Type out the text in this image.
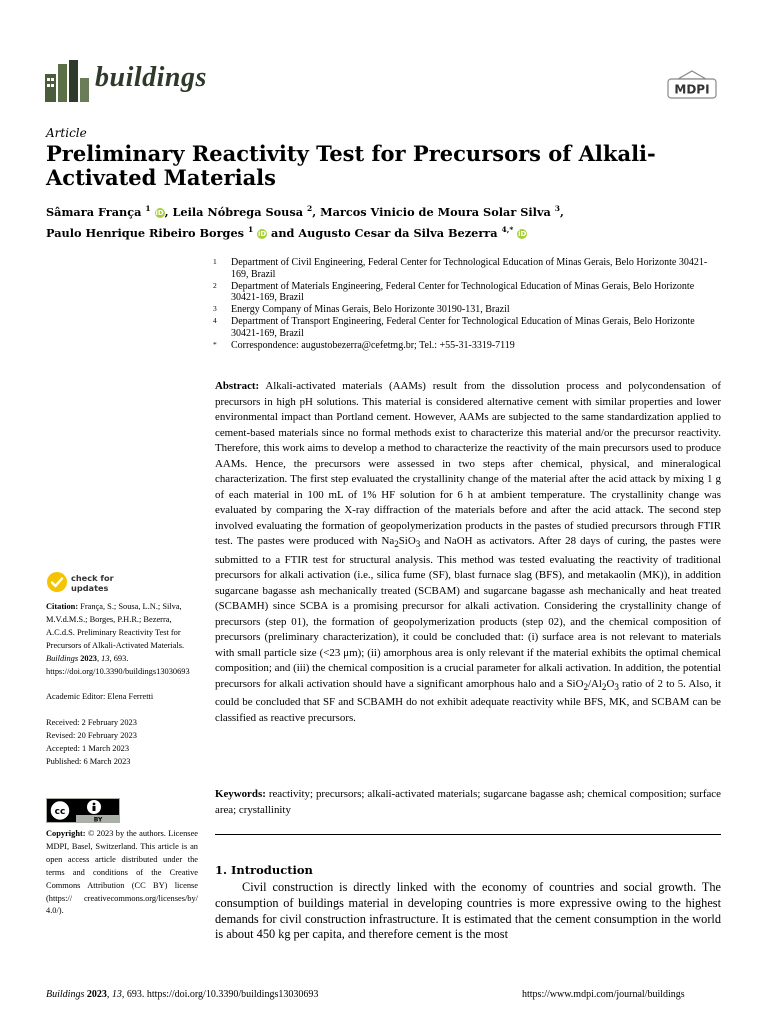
buildings	MDPI
Article
Preliminary Reactivity Test for Precursors of Alkali-Activated Materials
Sâmara França $^1$ iD, Leila Nóbrega Sousa $^2$, Marcos Vinicio de Moura Solar Silva $^3$,
Paulo Henrique Ribeiro Borges $^1$ iD and Augusto Cesar da Silva Bezerra $^{4,*}$ iD
1 Department of Civil Engineering, Federal Center for Technological Education of Minas Gerais, Belo Horizonte 30421-169, Brazil
2 Department of Materials Engineering, Federal Center for Technological Education of Minas Gerais, Belo Horizonte 30421-169, Brazil
3 Energy Company of Minas Gerais, Belo Horizonte 30190-131, Brazil
4 Department of Transport Engineering, Federal Center for Technological Education of Minas Gerais, Belo Horizonte 30421-169, Brazil
* Correspondence: augustobezerra@cefetmg.br; Tel.: +55-31-3319-7119

Abstract: Alkali-activated materials (AAMs) result from the dissolution process and polycondensation of precursors in high pH solutions. This material is considered alternative cement with similar properties and lower environmental impact than Portland cement. However, AAMs are subjected to the same standardization applied to cement-based materials since no formal methods exist to characterize this material and/or the precursor reactivity. Therefore, this work aims to develop a method to characterize the reactivity of the main precursors used to produce AAMs. Hence, the precursors were assessed in two steps after chemical, physical, and mineralogical characterization. The first step evaluated the crystallinity change of the material after the acid attack by mixing 1 g of each material in 100 mL of 1% HF solution for 6 h at ambient temperature. The crystallinity change was evaluated by comparing the X-ray diffraction of the materials before and after the acid attack. The second step involved evaluating the formation of geopolymerization products in the pastes of studied precursors through FTIR test. The pastes were produced with $Na_2SiO_3$ and NaOH as activators. After 28 days of curing, the pastes were submitted to a FTIR test for structural analysis. This method was tested evaluating the reactivity of traditional precursors for alkali activation (i.e., silica fume (SF), blast furnace slag (BFS), and metakaolin (MK)), in addition sugarcane bagasse ash mechanically treated (SCBAM) and sugarcane bagasse ash mechanically and heat treated (SCBAMH) since SCBA is a promising precursor for alkali activation. Considering the crystallinity change of precursors (step 01), the formation of geopolymerization products (step 02), and the chemical composition of precursors (preliminary characterization), it could be concluded that: (i) surface area is not relevant to materials with small particle size (<23 μm); (ii) amorphous area is only relevant if the material exhibits the optimal chemical composition; and (iii) the chemical composition is a crucial parameter for alkali activation. In addition, the potential precursors for alkali activation should have a significant amorphous halo and a $SiO_2/Al_2O_3$ ratio of 2 to 5. Also, it could be concluded that SF and SCBAMH do not exhibit adequate reactivity while BFS, MK, and SCBAM can be classified as reactive precursors.

Keywords: reactivity; precursors; alkali-activated materials; sugarcane bagasse ash; chemical composition; surface area; crystallinity

1. Introduction

Civil construction is directly linked with the economy of countries and social growth. The consumption of buildings material in developing countries is more expressive owing to the highest demands for civil construction infrastructure. It is estimated that the cement consumption in the world is about 450 kg per capita, and therefore cement is the most

check for
updates

Citation: França, S.; Sousa, L.N.; Silva, M.V.d.M.S.; Borges, P.H.R.; Bezerra, A.C.d.S. Preliminary Reactivity Test for Precursors of Alkali-Activated Materials. Buildings 2023, 13, 693. https://doi.org/10.3390/buildings13030693

Academic Editor: Elena Ferretti

Received: 2 February 2023

Revised: 20 February 2023

Accepted: 1 March 2023

Published: 6 March 2023

cc
BY

Copyright: © 2023 by the authors. Licensee MDPI, Basel, Switzerland. This article is an open access article distributed under the terms and conditions of the Creative Commons Attribution (CC BY) license (https:// creativecommons.org/licenses/by/ 4.0/).

Buildings 2023, 13, 693. https://doi.org/10.3390/buildings13030693	https://www.mdpi.com/journal/buildings
